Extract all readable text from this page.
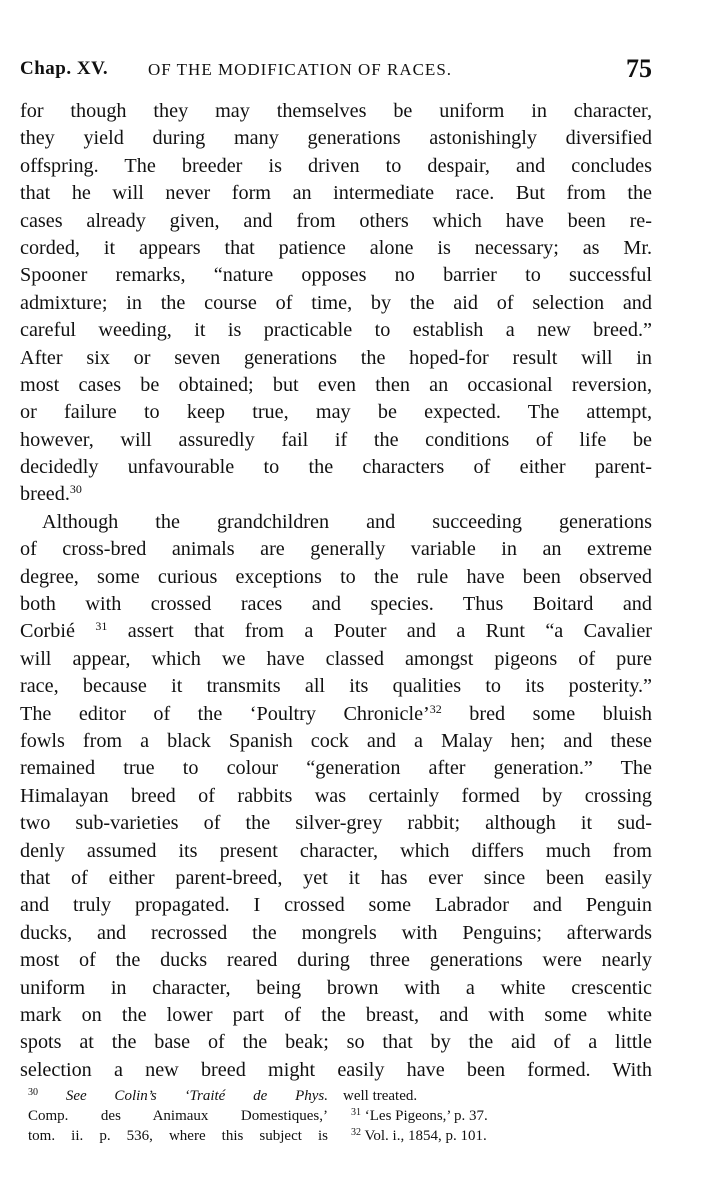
Chap. XV. OF THE MODIFICATION OF RACES.	75
for though they may themselves be uniform in character,
they yield during many generations astonishingly diversified
offspring. The breeder is driven to despair, and concludes
that he will never form an intermediate race. But from the
cases already given, and from others which have been re-
corded, it appears that patience alone is necessary; as Mr.
Spooner remarks, “nature opposes no barrier to successful
admixture; in the course of time, by the aid of selection and
careful weeding, it is practicable to establish a new breed.”
After six or seven generations the hoped-for result will in
most cases be obtained; but even then an occasional reversion,
or failure to keep true, may be expected. The attempt,
however, will assuredly fail if the conditions of life be
decidedly unfavourable to the characters of either parent-
breed.$^{30}$
Although the grandchildren and succeeding generations
of cross-bred animals are generally variable in an extreme
degree, some curious exceptions to the rule have been observed
both with crossed races and species. Thus Boitard and
Corbié $^{31}$ assert that from a Pouter and a Runt “a Cavalier
will appear, which we have classed amongst pigeons of pure
race, because it transmits all its qualities to its posterity.”
The editor of the ‘Poultry Chronicle’$^{32}$ bred some bluish
fowls from a black Spanish cock and a Malay hen; and these
remained true to colour “generation after generation.” The
Himalayan breed of rabbits was certainly formed by crossing
two sub-varieties of the silver-grey rabbit; although it sud-
denly assumed its present character, which differs much from
that of either parent-breed, yet it has ever since been easily
and truly propagated. I crossed some Labrador and Penguin
ducks, and recrossed the mongrels with Penguins; afterwards
most of the ducks reared during three generations were nearly
uniform in character, being brown with a white crescentic
mark on the lower part of the breast, and with some white
spots at the base of the beak; so that by the aid of a little
selection a new breed might easily have been formed. With
$^{30}$ See Colin’s ‘Traité de Phys.
Comp. des Animaux Domestiques,’
tom. ii. p. 536, where this subject is
well treated.
$^{31}$ ‘Les Pigeons,’ p. 37.
$^{32}$ Vol. i., 1854, p. 101.
